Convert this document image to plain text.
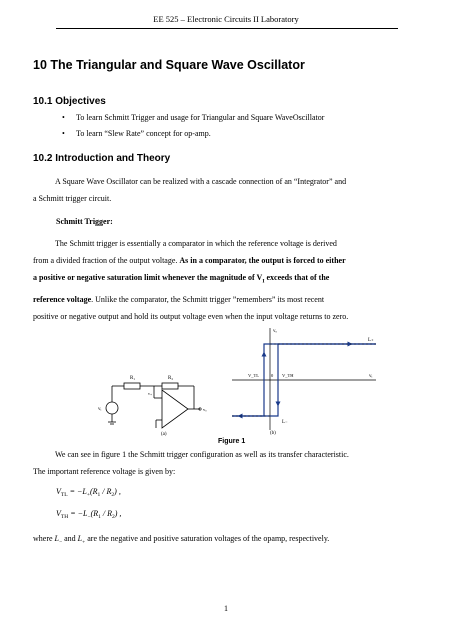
EE 525 – Electronic Circuits II Laboratory
10 The Triangular and Square Wave Oscillator
10.1 Objectives
• To learn Schmitt Trigger and usage for Triangular and Square WaveOscillator
• To learn “Slew Rate” concept for op-amp.
10.2 Introduction and Theory

A Square Wave Oscillator can be realized with a cascade connection of an “Integrator” and

a Schmitt trigger circuit.

Schmitt Trigger:

The Schmitt trigger is essentially a comparator in which the reference voltage is derived

from a divided fraction of the output voltage. As in a comparator, the output is forced to either

a positive or negative saturation limit whenever the magnitude of $V_I$ exceeds that of the

reference voltage. Unlike the comparator, the Schmitt trigger ”remembers” its most recent

positive or negative output and hold its output voltage even when the input voltage returns to zero.

R₁	R₂
vᵢ
v₊
vₒ
(a)
vₒ
L₊
L₋
V_TL	0 V_TH	vᵢ
(b)
Figure 1

We can see in figure 1 the Schmitt trigger configuration as well as its transfer characteristic.

The important reference voltage is given by:

$V_{TL} = -L_+(R_1 / R_2)$ ,
$V_{TH} = -L_-(R_1 / R_2)$ ,

where $L_-$ and $L_+$ are the negative and positive saturation voltages of the opamp, respectively.

1
